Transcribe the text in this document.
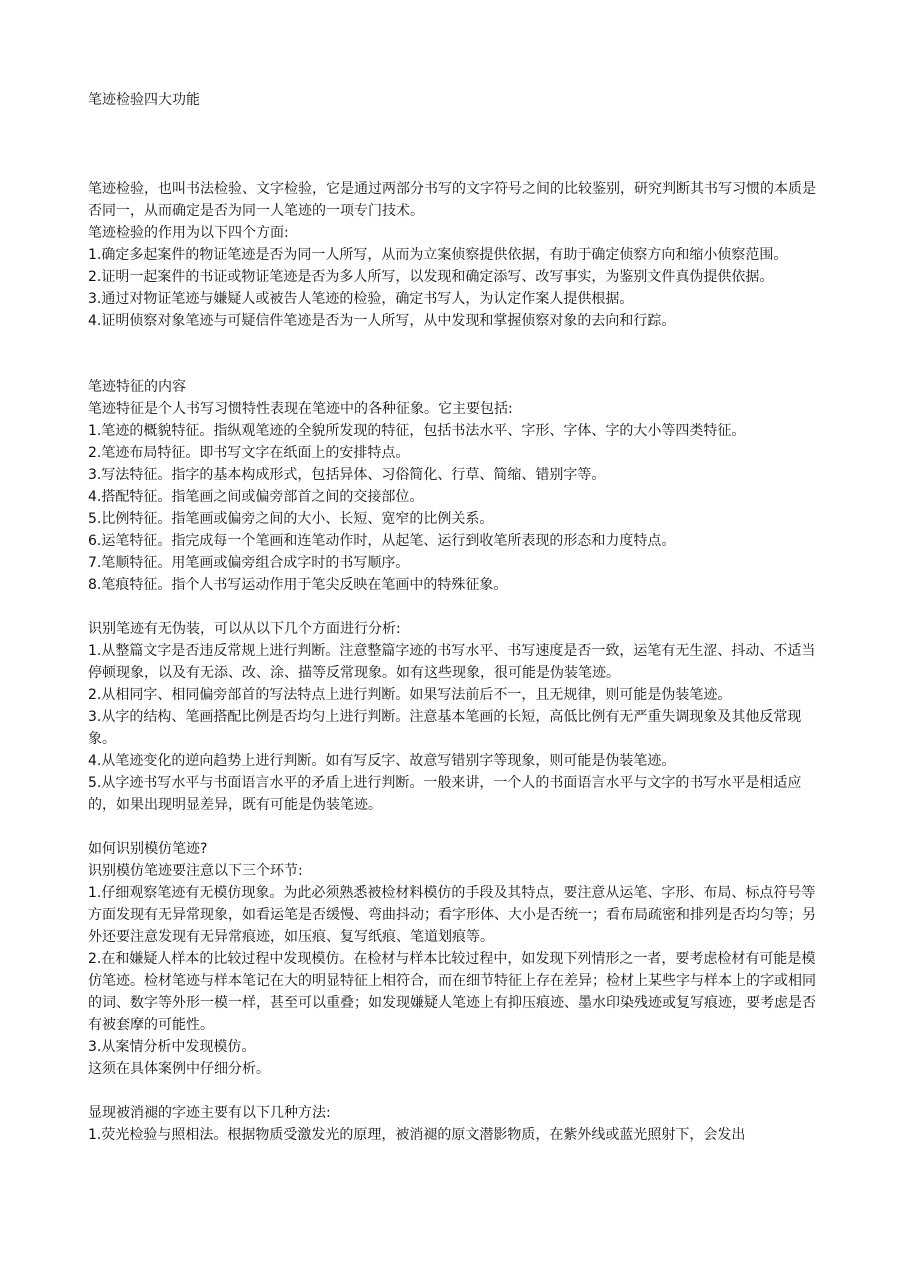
笔迹检验四大功能

笔迹检验，也叫书法检验、文字检验，它是通过两部分书写的文字符号之间的比较鉴别，研究判断其书写习惯的本质是否同一，从而确定是否为同一人笔迹的一项专门技术。

笔迹检验的作用为以下四个方面:

1.确定多起案件的物证笔迹是否为同一人所写，从而为立案侦察提供依据，有助于确定侦察方向和缩小侦察范围。

2.证明一起案件的书证或物证笔迹是否为多人所写，以发现和确定添写、改写事实，为鉴别文件真伪提供依据。

3.通过对物证笔迹与嫌疑人或被告人笔迹的检验，确定书写人，为认定作案人提供根据。

4.证明侦察对象笔迹与可疑信件笔迹是否为一人所写，从中发现和掌握侦察对象的去向和行踪。

笔迹特征的内容

笔迹特征是个人书写习惯特性表现在笔迹中的各种征象。它主要包括:

1.笔迹的概貌特征。指纵观笔迹的全貌所发现的特征，包括书法水平、字形、字体、字的大小等四类特征。

2.笔迹布局特征。即书写文字在纸面上的安排特点。

3.写法特征。指字的基本构成形式，包括异体、习俗简化、行草、简缩、错别字等。

4.搭配特征。指笔画之间或偏旁部首之间的交接部位。

5.比例特征。指笔画或偏旁之间的大小、长短、宽窄的比例关系。

6.运笔特征。指完成每一个笔画和连笔动作时，从起笔、运行到收笔所表现的形态和力度特点。

7.笔顺特征。用笔画或偏旁组合成字时的书写顺序。

8.笔痕特征。指个人书写运动作用于笔尖反映在笔画中的特殊征象。

识别笔迹有无伪装，可以从以下几个方面进行分析:

1.从整篇文字是否违反常规上进行判断。注意整篇字迹的书写水平、书写速度是否一致，运笔有无生涩、抖动、不适当停顿现象，以及有无添、改、涂、描等反常现象。如有这些现象，很可能是伪装笔迹。

2.从相同字、相同偏旁部首的写法特点上进行判断。如果写法前后不一，且无规律，则可能是伪装笔迹。

3.从字的结构、笔画搭配比例是否均匀上进行判断。注意基本笔画的长短，高低比例有无严重失调现象及其他反常现象。

4.从笔迹变化的逆向趋势上进行判断。如有写反字、故意写错别字等现象，则可能是伪装笔迹。

5.从字迹书写水平与书面语言水平的矛盾上进行判断。一般来讲，一个人的书面语言水平与文字的书写水平是相适应的，如果出现明显差异，既有可能是伪装笔迹。

如何识别模仿笔迹?

识别模仿笔迹要注意以下三个环节:

1.仔细观察笔迹有无模仿现象。为此必须熟悉被检材料模仿的手段及其特点，要注意从运笔、字形、布局、标点符号等方面发现有无异常现象，如看运笔是否缓慢、弯曲抖动；看字形体、大小是否统一；看布局疏密和排列是否均匀等；另外还要注意发现有无异常痕迹，如压痕、复写纸痕、笔道划痕等。

2.在和嫌疑人样本的比较过程中发现模仿。在检材与样本比较过程中，如发现下列情形之一者，要考虑检材有可能是模仿笔迹。检材笔迹与样本笔记在大的明显特征上相符合，而在细节特征上存在差异；检材上某些字与样本上的字或相同的词、数字等外形一模一样，甚至可以重叠；如发现嫌疑人笔迹上有抑压痕迹、墨水印染残迹或复写痕迹，要考虑是否有被套摩的可能性。

3.从案情分析中发现模仿。

这须在具体案例中仔细分析。

显现被消褪的字迹主要有以下几种方法:

1.荧光检验与照相法。根据物质受激发光的原理，被消褪的原文潜影物质，在紫外线或蓝光照射下，会发出
